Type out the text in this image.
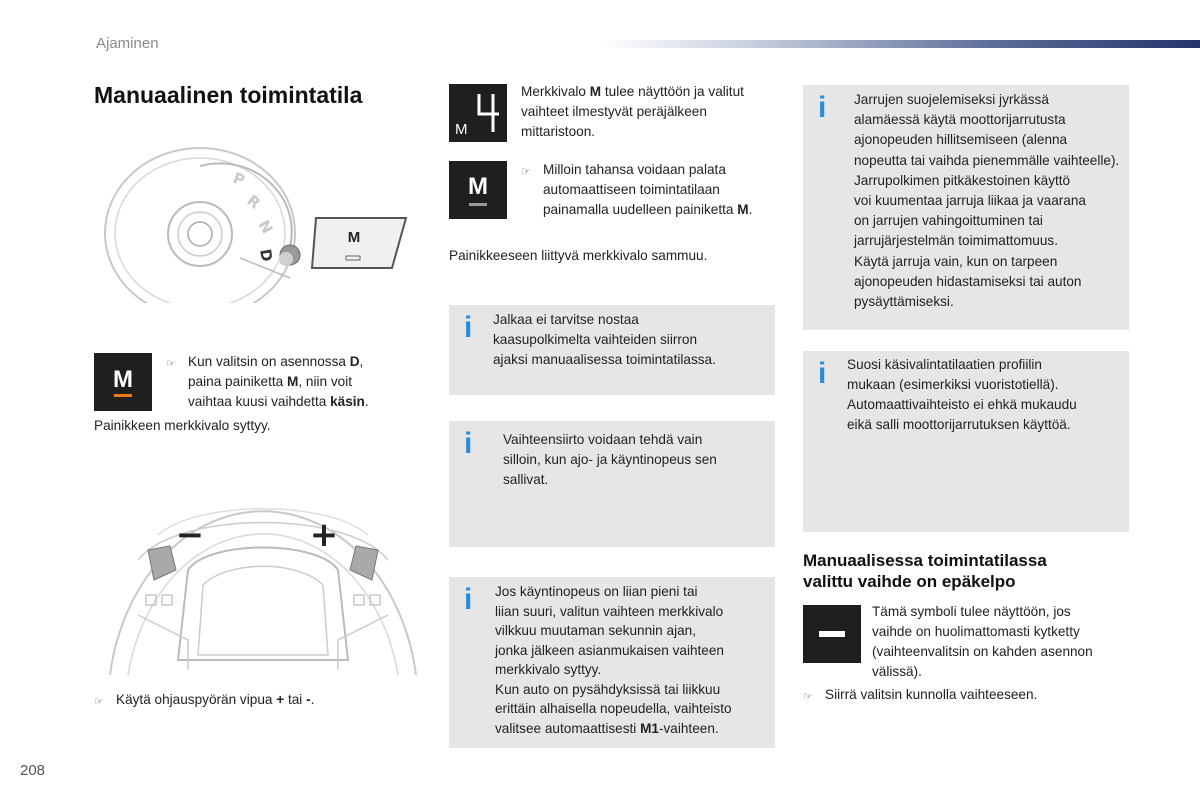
Ajaminen
Manuaalinen toimintatila
P
R
N
D
M
M
☞ Kun valitsin on asennossa D,
paina painiketta M, niin voit
vaihtaa kuusi vaihdetta käsin.
Painikkeen merkkivalo syttyy.
−	+
☞ Käytä ohjauspyörän vipua + tai -.
M
Merkkivalo M tulee näyttöön ja valitut
vaihteet ilmestyvät peräjälkeen
mittaristoon.
M
☞ Milloin tahansa voidaan palata
automaattiseen toimintatilaan
painamalla uudelleen painiketta M.
Painikkeeseen liittyvä merkkivalo sammuu.
i Jalkaa ei tarvitse nostaa
kaasupolkimelta vaihteiden siirron
ajaksi manuaalisessa toimintatilassa.
i Vaihteensiirto voidaan tehdä vain
silloin, kun ajo- ja käyntinopeus sen
sallivat.
i Jos käyntinopeus on liian pieni tai
liian suuri, valitun vaihteen merkkivalo
vilkkuu muutaman sekunnin ajan,
jonka jälkeen asianmukaisen vaihteen
merkkivalo syttyy.
Kun auto on pysähdyksissä tai liikkuu
erittäin alhaisella nopeudella, vaihteisto
valitsee automaattisesti M1-vaihteen.
i Jarrujen suojelemiseksi jyrkässä
alamäessä käytä moottorijarrutusta
ajonopeuden hillitsemiseen (alenna
nopeutta tai vaihda pienemmälle vaihteelle).
Jarrupolkimen pitkäkestoinen käyttö
voi kuumentaa jarruja liikaa ja vaarana
on jarrujen vahingoittuminen tai
jarrujärjestelmän toimimattomuus.
Käytä jarruja vain, kun on tarpeen
ajonopeuden hidastamiseksi tai auton
pysäyttämiseksi.
i Suosi käsivalintatilaatien profiilin
mukaan (esimerkiksi vuoristotiellä).
Automaattivaihteisto ei ehkä mukaudu
eikä salli moottorijarrutuksen käyttöä.
Manuaalisessa toimintatilassa
valittu vaihde on epäkelpo
Tämä symboli tulee näyttöön, jos
vaihde on huolimattomasti kytketty
(vaihteenvalitsin on kahden asennon
välissä).
☞ Siirrä valitsin kunnolla vaihteeseen.
208
